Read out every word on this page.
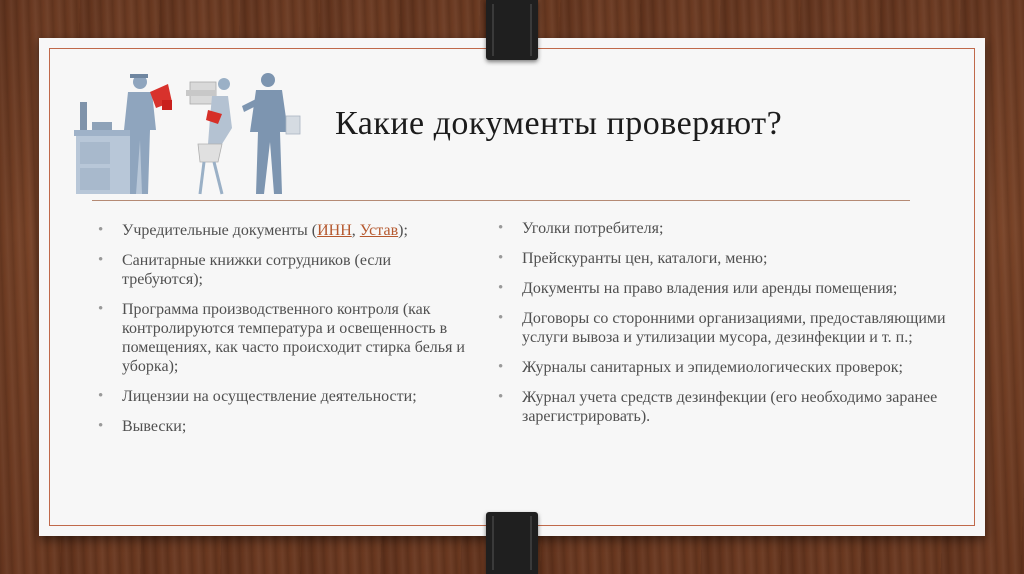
Какие документы проверяют?
• Учредительные документы (ИНН, Устав);
• Санитарные книжки сотрудников (если требуются);
• Программа производственного контроля (как контролируются температура и освещенность в помещениях, как часто происходит стирка белья и уборка);
• Лицензии на осуществление деятельности;
• Вывески;
• Уголки потребителя;
• Прейскуранты цен, каталоги, меню;
• Документы на право владения или аренды помещения;
• Договоры со сторонними организациями, предоставляющими услуги вывоза и утилизации мусора, дезинфекции и т. п.;
• Журналы санитарных и эпидемиологических проверок;
• Журнал учета средств дезинфекции (его необходимо заранее зарегистрировать).
